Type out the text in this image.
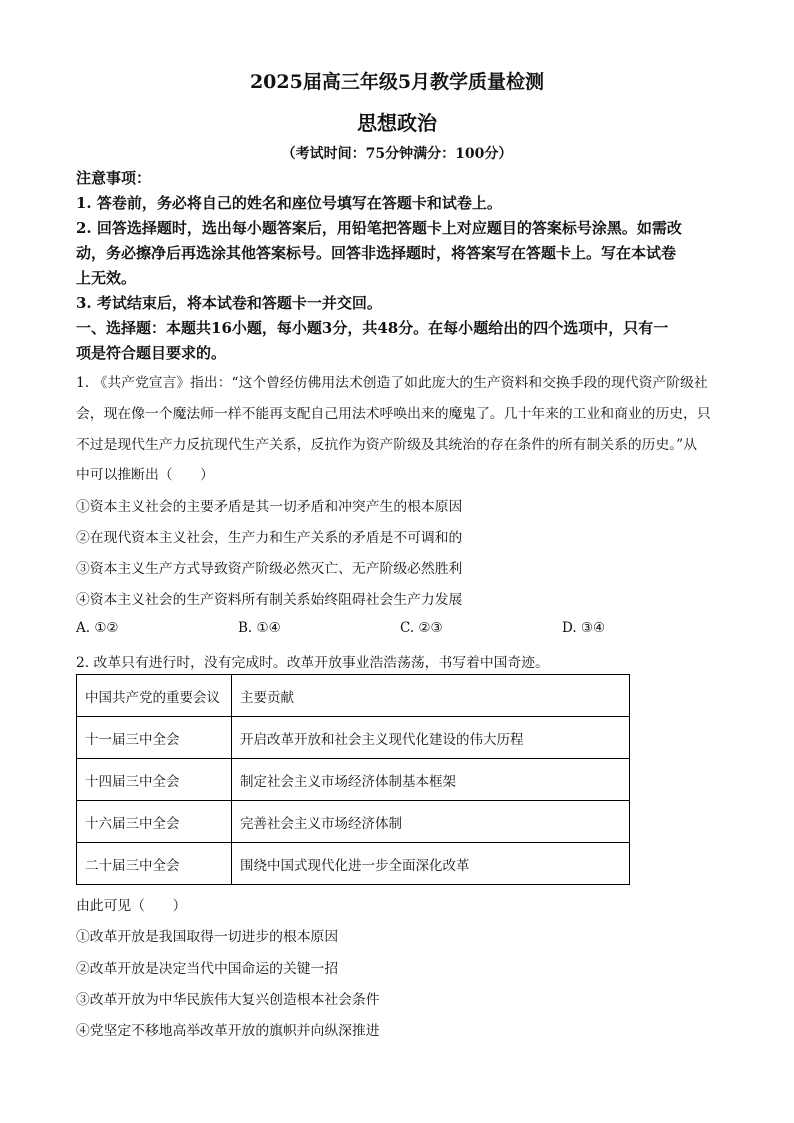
2025届高三年级5月教学质量检测
思想政治
（考试时间：75分钟满分：100分）
注意事项：
1. 答卷前，务必将自己的姓名和座位号填写在答题卡和试卷上。
2. 回答选择题时，选出每小题答案后，用铅笔把答题卡上对应题目的答案标号涂黑。如需改
动，务必擦净后再选涂其他答案标号。回答非选择题时，将答案写在答题卡上。写在本试卷
上无效。
3. 考试结束后，将本试卷和答题卡一并交回。
一、选择题：本题共16小题，每小题3分，共48分。在每小题给出的四个选项中，只有一
项是符合题目要求的。
1. 《共产党宣言》指出：“这个曾经仿佛用法术创造了如此庞大的生产资料和交换手段的现代资产阶级社
会，现在像一个魔法师一样不能再支配自己用法术呼唤出来的魔鬼了。几十年来的工业和商业的历史，只
不过是现代生产力反抗现代生产关系，反抗作为资产阶级及其统治的存在条件的所有制关系的历史。”从
中可以推断出（　　）
①资本主义社会的主要矛盾是其一切矛盾和冲突产生的根本原因
②在现代资本主义社会，生产力和生产关系的矛盾是不可调和的
③资本主义生产方式导致资产阶级必然灭亡、无产阶级必然胜利
④资本主义社会的生产资料所有制关系始终阻碍社会生产力发展
A. ①②	B. ①④	C. ②③	D. ③④
2. 改革只有进行时，没有完成时。改革开放事业浩浩荡荡，书写着中国奇迹。
中国共产党的重要会议	主要贡献
十一届三中全会	开启改革开放和社会主义现代化建设的伟大历程
十四届三中全会	制定社会主义市场经济体制基本框架
十六届三中全会	完善社会主义市场经济体制
二十届三中全会	围绕中国式现代化进一步全面深化改革
由此可见（　　）
①改革开放是我国取得一切进步的根本原因
②改革开放是决定当代中国命运的关键一招
③改革开放为中华民族伟大复兴创造根本社会条件
④党坚定不移地高举改革开放的旗帜并向纵深推进
